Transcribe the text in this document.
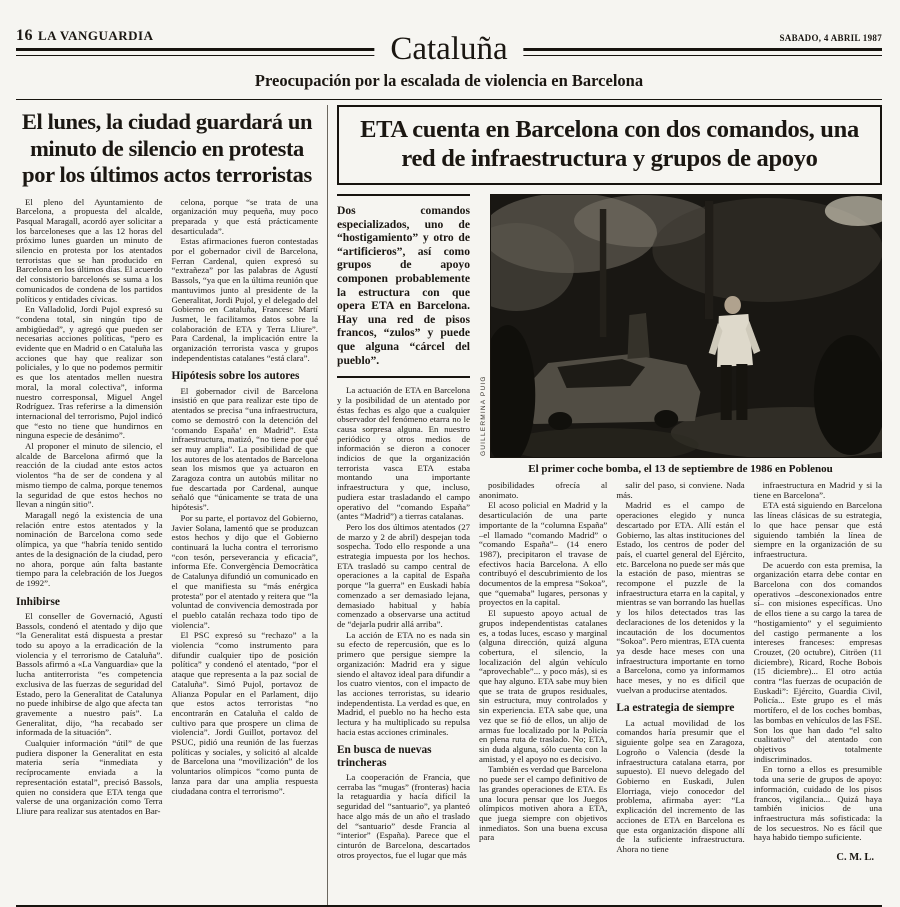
16 LA VANGUARDIA	SABADO, 4 ABRIL 1987
Cataluña
Preocupación por la escalada de violencia en Barcelona
El lunes, la ciudad guardará un minuto de silencio en protesta por los últimos actos terroristas

El pleno del Ayuntamiento de Barcelona, a propuesta del alcalde, Pasqual Maragall, acordó ayer solicitar a los barceloneses que a las 12 horas del próximo lunes guarden un minuto de silencio en protesta por los atentados terroristas que se han producido en Barcelona en los últimos días. El acuerdo del consistorio barcelonés se suma a los comunicados de condena de los partidos políticos y entidades cívicas.

En Valladolid, Jordi Pujol expresó su “condena total, sin ningún tipo de ambigüedad”, y agregó que pueden ser necesarias acciones políticas, “pero es evidente que en Madrid o en Cataluña las acciones que hay que realizar son policiales, y lo que no podemos permitir es que los atentados mellen nuestra moral, la moral colectiva”, informa nuestro corresponsal, Miguel Angel Rodríguez. Tras referirse a la dimensión internacional del terrorismo, Pujol indicó que “esto no tiene que hundirnos en ninguna especie de desánimo”.

Al proponer el minuto de silencio, el alcalde de Barcelona afirmó que la reacción de la ciudad ante estos actos violentos “ha de ser de condena y al mismo tiempo de calma, porque tenemos la seguridad de que estos hechos no llevan a ningún sitio”.

Maragall negó la existencia de una relación entre estos atentados y la nominación de Barcelona como sede olímpica, ya que “habría tenido sentido antes de la designación de la ciudad, pero no ahora, porque aún falta bastante tiempo para la celebración de los Juegos de 1992”.

Inhibirse

El conseller de Governació, Agustí Bassols, condenó el atentado y dijo que “la Generalitat está dispuesta a prestar todo su apoyo a la erradicación de la violencia y el terrorismo de Cataluña”. Bassols afirmó a «La Vanguardia» que la lucha antiterrorista “es competencia exclusiva de las fuerzas de seguridad del Estado, pero la Generalitat de Catalunya no puede inhibirse de algo que afecta tan gravemente a nuestro país”. La Generalitat, dijo, “ha recabado ser informada de la situación”.

Cualquier información “útil” de que pudiera disponer la Generalitat en esta materia sería “inmediata y recíprocamente enviada a la representación estatal”, precisó Bassols, quien no considera que ETA tenga que valerse de una organización como Terra Lliure para realizar sus atentados en Bar-

celona, porque “se trata de una organización muy pequeña, muy poco preparada y que está prácticamente desarticulada”.

Estas afirmaciones fueron contestadas por el gobernador civil de Barcelona, Ferran Cardenal, quien expresó su “extrañeza” por las palabras de Agustí Bassols, “ya que en la última reunión que mantuvimos junto al presidente de la Generalitat, Jordi Pujol, y el delegado del Gobierno en Cataluña, Francesc Martí Jusmet, le facilitamos datos sobre la colaboración de ETA y Terra Lliure”. Para Cardenal, la implicación entre la organización terrorista vasca y grupos independentistas catalanes “está clara”.

Hipótesis sobre los autores

El gobernador civil de Barcelona insistió en que para realizar este tipo de atentados se precisa “una infraestructura, como se demostró con la detención del ‘comando España’ en Madrid”. Esta infraestructura, matizó, “no tiene por qué ser muy amplia”. La posibilidad de que los autores de los atentados de Barcelona sean los mismos que ya actuaron en Zaragoza contra un autobús militar no fue descartada por Cardenal, aunque señaló que “únicamente se trata de una hipótesis”.

Por su parte, el portavoz del Gobierno, Javier Solana, lamentó que se produzcan estos hechos y dijo que el Gobierno continuará la lucha contra el terrorismo “con tesón, perseverancia y eficacia”, informa Efe. Convergència Democràtica de Catalunya difundió un comunicado en el que manifiesta su “más enérgica protesta” por el atentado y reitera que “la voluntad de convivencia demostrada por el pueblo catalán rechaza todo tipo de violencia”.

El PSC expresó su “rechazo” a la violencia “como instrumento para difundir cualquier tipo de posición política” y condenó el atentado, “por el ataque que representa a la paz social de Cataluña”. Simó Pujol, portavoz de Alianza Popular en el Parlament, dijo que estos actos terroristas “no encontrarán en Cataluña el caldo de cultivo para que prospere un clima de violencia”. Jordi Guillot, portavoz del PSUC, pidió una reunión de las fuerzas políticas y sociales, y solicitó al alcalde de Barcelona una “movilización” de los voluntarios olímpicos “como punta de lanza para dar una amplia respuesta ciudadana contra el terrorismo”.

ETA cuenta en Barcelona con dos comandos, una red de infraestructura y grupos de apoyo
Dos comandos especializados, uno de “hostigamiento” y otro de “artificieros”, así como grupos de apoyo componen probablemente la estructura con que opera ETA en Barcelona. Hay una red de pisos francos, “zulos” y puede que alguna “cárcel del pueblo”.

La actuación de ETA en Barcelona y la posibilidad de un atentado por éstas fechas es algo que a cualquier observador del fenómeno etarra no le causa sorpresa alguna. En nuestro periódico y otros medios de información se dieron a conocer indicios de que la organización terrorista vasca ETA estaba montando una importante infraestructura y que, incluso, pudiera estar trasladando el campo operativo del “comando España” (antes “Madrid”) a tierras catalanas.

Pero los dos últimos atentados (27 de marzo y 2 de abril) despejan toda sospecha. Todo ello responde a una estrategia impuesta por los hechos. ETA trasladó su campo central de operaciones a la capital de España porque “la guerra” en Euskadi había comenzado a ser demasiado lejana, demasiado habitual y había comenzado a observarse una actitud de “dejarla pudrir allá arriba”.

La acción de ETA no es nada sin su efecto de repercusión, que es lo primero que persigue siempre la organización: Madrid era y sigue siendo el altavoz ideal para difundir a los cuatro vientos, con el impacto de las acciones terroristas, su ideario independentista. La verdad es que, en Madrid, el pueblo no ha hecho esta lectura y ha multiplicado su repulsa hacia estas acciones criminales.

En busca de nuevas trincheras

La cooperación de Francia, que cerraba las “mugas” (fronteras) hacia la retaguardia y hacía difícil la seguridad del “santuario”, ya planteó hace algo más de un año el traslado del “santuario” desde Francia al “interior” (España). Parece que el cinturón de Barcelona, descartados otros proyectos, fue el lugar que más

GUILLERMINA PUIG
El primer coche bomba, el 13 de septiembre de 1986 en Poblenou

posibilidades ofrecía al anonimato.

El acoso policial en Madrid y la desarticulación de una parte importante de la “columna España” –el llamado “comando Madrid” o “comando España”– (14 enero 1987), precipitaron el travase de efectivos hacia Barcelona. A ello contribuyó el descubrimiento de los documentos de la empresa “Sokoa”, que “quemaba” lugares, personas y proyectos en la capital.

El supuesto apoyo actual de grupos independentistas catalanes es, a todas luces, escaso y marginal (alguna dirección, quizá alguna cobertura, el silencio, la localización del algún vehículo “aprovechable”... y poco más), si es que hay alguno. ETA sabe muy bien que se trata de grupos residuales, sin estructura, muy controlados y sin experiencia. ETA sabe que, una vez que se fió de ellos, un alijo de armas fue localizado por la Policía en plena ruta de traslado. No; ETA, sin duda alguna, sólo cuenta con la amistad, y el apoyo no es decisivo.

También es verdad que Barcelona no puede ser el campo definitivo de las grandes operaciones de ETA. Es una locura pensar que los Juegos olímpicos motiven ahora a ETA, que juega siempre con objetivos inmediatos. Son una buena excusa para

salir del paso, si conviene. Nada más.

Madrid es el campo de operaciones elegido y nunca descartado por ETA. Allí están el Gobierno, las altas instituciones del Estado, los centros de poder del país, el cuartel general del Ejército, etc. Barcelona no puede ser más que la estación de paso, mientras se recompone el puzzle de la infraestructura etarra en la capital, y mientras se van borrando las huellas y los hilos detectados tras las declaraciones de los detenidos y la incautación de los documentos “Sokoa”. Pero mientras, ETA cuenta ya desde hace meses con una infraestructura importante en torno a Barcelona, como ya informamos hace meses, y no es difícil que vuelvan a producirse atentados.

La estrategia de siempre

La actual movilidad de los comandos haría presumir que el siguiente golpe sea en Zaragoza, Logroño o Valencia (desde la infraestructura catalana etarra, por supuesto). El nuevo delegado del Gobierno en Euskadi, Julen Elorriaga, viejo conocedor del problema, afirmaba ayer: “La explicación del incremento de las acciones de ETA en Barcelona es que esta organización dispone allí de la suficiente infraestructura. Ahora no tiene

infraestructura en Madrid y si la tiene en Barcelona”.

ETA está siguiendo en Barcelona las líneas clásicas de su estrategia, lo que hace pensar que está siguiendo también la línea de siempre en la organización de su infraestructura.

De acuerdo con esta premisa, la organización etarra debe contar en Barcelona con dos comandos operativos –desconexionados entre sí– con misiones específicas. Uno de ellos tiene a su cargo la tarea de “hostigamiento” y el seguimiento del castigo permanente a los intereses franceses: empresas Crouzet, (20 octubre), Citröen (11 diciembre), Ricard, Roche Bobois (15 diciembre)... El otro actúa contra “las fuerzas de ocupación de Euskadi”: Ejército, Guardia Civil, Policía... Este grupo es el más mortífero, el de los coches bombas, las bombas en vehículos de las FSE. Son los que han dado “el salto cualitativo” del atentado con objetivos totalmente indiscriminados.

En torno a ellos es presumible toda una serie de grupos de apoyo: información, cuidado de los pisos francos, vigilancia... Quizá haya también inicios de una infraestructura más sofisticada: la de los secuestros. No es fácil que haya habido tiempo suficiente.

C. M. L.
